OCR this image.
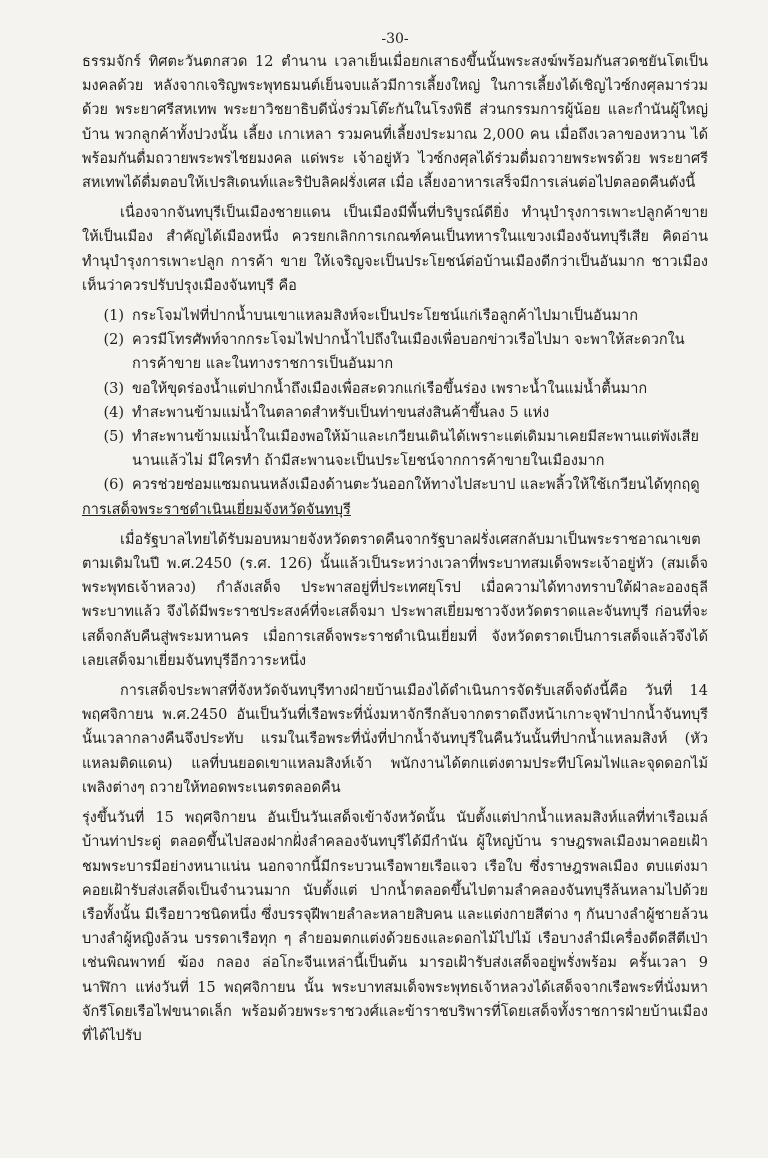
-30-

ธรรมจักร์ ทิศตะวันตกสวด 12 ตำนาน เวลาเย็นเมื่อยกเสาธงขึ้นนั้นพระสงฆ์พร้อมกันสวดชยันโตเป็นมงคลด้วย หลังจากเจริญพระพุทธมนต์เย็นจบแล้วมีการเลี้ยงใหญ่ ในการเลี้ยงได้เชิญไวซ์กงศุลมาร่วมด้วย พระยาศรีสหเทพ พระยาวิชยาธิบดีนั่งร่วมโต๊ะกันในโรงพิธี ส่วนกรรมการผู้น้อย และกำนันผู้ใหญ่บ้าน พวกลูกค้าทั้งปวงนั้น เลี้ยง เกาเหลา รวมคนที่เลี้ยงประมาณ 2,000 คน เมื่อถึงเวลาของหวาน ได้พร้อมกันดื่มถวายพระพรไชยมงคล แด่พระ เจ้าอยู่หัว ไวซ์กงศุลได้ร่วมดื่มถวายพระพรด้วย พระยาศรีสหเทพได้ดื่มตอบให้เปรสิเดนท์และริปับลิคฝรั่งเศส เมื่อ เลี้ยงอาหารเสร็จมีการเล่นต่อไปตลอดคืนดังนี้

เนื่องจากจันทบุรีเป็นเมืองชายแดน เป็นเมืองมีพื้นที่บริบูรณ์ดียิ่ง ทำนุบำรุงการเพาะปลูกค้าขาย ให้เป็นเมือง สำคัญได้เมืองหนึ่ง ควรยกเลิกการเกณฑ์คนเป็นทหารในแขวงเมืองจันทบุรีเสีย คิดอ่านทำนุบำรุงการเพาะปลูก การค้า ขาย ให้เจริญจะเป็นประโยชน์ต่อบ้านเมืองดีกว่าเป็นอันมาก ชาวเมืองเห็นว่าควรปรับปรุงเมืองจันทบุรี คือ

(1) กระโจมไฟที่ปากน้ำบนเขาแหลมสิงห์จะเป็นประโยชน์แก่เรือลูกค้าไปมาเป็นอันมาก
(2) ควรมีโทรศัพท์จากกระโจมไฟปากน้ำไปถึงในเมืองเพื่อบอกข่าวเรือไปมา จะพาให้สะดวกในการค้าขาย และในทางราชการเป็นอันมาก
(3) ขอให้ขุดร่องน้ำแต่ปากน้ำถึงเมืองเพื่อสะดวกแก่เรือขึ้นร่อง เพราะน้ำในแม่น้ำตื้นมาก
(4) ทำสะพานข้ามแม่น้ำในตลาดสำหรับเป็นท่าขนส่งสินค้าขึ้นลง 5 แห่ง
(5) ทำสะพานข้ามแม่น้ำในเมืองพอให้ม้าและเกวียนเดินได้เพราะแต่เดิมมาเคยมีสะพานแต่พังเสียนานแล้วไม่ มีใครทำ ถ้ามีสะพานจะเป็นประโยชน์จากการค้าขายในเมืองมาก
(6) ควรช่วยซ่อมแซมถนนหลังเมืองด้านตะวันออกให้ทางไปสะบาป และพลิ้วให้ใช้เกวียนได้ทุกฤดู

การเสด็จพระราชดำเนินเยี่ยมจังหวัดจันทบุรี

เมื่อรัฐบาลไทยได้รับมอบหมายจังหวัดตราดคืนจากรัฐบาลฝรั่งเศสกลับมาเป็นพระราชอาณาเขตตามเดิมในปี พ.ศ.2450 (ร.ศ. 126) นั้นแล้วเป็นระหว่างเวลาที่พระบาทสมเด็จพระเจ้าอยู่หัว (สมเด็จพระพุทธเจ้าหลวง) กำลังเสด็จ ประพาสอยู่ที่ประเทศยุโรป เมื่อความได้ทางทราบใต้ฝ่าละอองธุลีพระบาทแล้ว จึงได้มีพระราชประสงค์ที่จะเสด็จมา ประพาสเยี่ยมชาวจังหวัดตราดและจันทบุรี ก่อนที่จะเสด็จกลับคืนสู่พระมหานคร เมื่อการเสด็จพระราชดำเนินเยี่ยมที่ จังหวัดตราดเป็นการเสด็จแล้วจึงได้เลยเสด็จมาเยี่ยมจันทบุรีอีกวาระหนึ่ง

การเสด็จประพาสที่จังหวัดจันทบุรีทางฝ่ายบ้านเมืองได้ดำเนินการจัดรับเสด็จดังนี้คือ วันที่ 14 พฤศจิกายน พ.ศ.2450 อันเป็นวันที่เรือพระที่นั่งมหาจักรีกลับจากตราดถึงหน้าเกาะจุฬาปากน้ำจันทบุรีนั้นเวลากลางคืนจึงประทับ แรมในเรือพระที่นั่งที่ปากน้ำจันทบุรีในคืนวันนั้นที่ปากน้ำแหลมสิงห์ (หัวแหลมติดแดน) แลที่บนยอดเขาแหลมสิงห์เจ้า พนักงานได้ตกแต่งตามประทีปโคมไฟและจุดดอกไม้เพลิงต่างๆ ถวายให้ทอดพระเนตรตลอดคืน

รุ่งขึ้นวันที่ 15 พฤศจิกายน อันเป็นวันเสด็จเข้าจังหวัดนั้น นับตั้งแต่ปากน้ำแหลมสิงห์แลที่ท่าเรือเมล์บ้านท่าประดู่ ตลอดขึ้นไปสองฝากฝั่งลำคลองจันทบุรีได้มีกำนัน ผู้ใหญ่บ้าน ราษฎรพลเมืองมาคอยเฝ้าชมพระบารมีอย่างหนาแน่น นอกจากนี้มีกระบวนเรือพายเรือแจว เรือใบ ซึ่งราษฎรพลเมือง ตบแต่งมาคอยเฝ้ารับส่งเสด็จเป็นจำนวนมาก นับตั้งแต่ ปากน้ำตลอดขึ้นไปตามลำคลองจันทบุรีล้นหลามไปด้วยเรือทั้งนั้น มีเรือยาวชนิดหนึ่ง ซึ่งบรรจุฝีพายลำละหลายสิบคน และแต่งกายสีต่าง ๆ กันบางลำผู้ชายล้วน บางลำผู้หญิงล้วน บรรดาเรือทุก ๆ ลำยอมตกแต่งด้วยธงและดอกไม้ไปไม้ เรือบางลำมีเครื่องดีดสีตีเป่า เช่นพิณพาทย์ ฆ้อง กลอง ล่อโกะจีนเหล่านี้เป็นต้น มารอเฝ้ารับส่งเสด็จอยู่พรั่งพร้อม ครั้นเวลา 9 นาฬิกา แห่งวันที่ 15 พฤศจิกายน นั้น พระบาทสมเด็จพระพุทธเจ้าหลวงได้เสด็จจากเรือพระที่นั่งมหา จักรีโดยเรือไฟขนาดเล็ก พร้อมด้วยพระราชวงศ์และข้าราชบริพารที่โดยเสด็จทั้งราชการฝ่ายบ้านเมืองที่ได้ไปรับ
